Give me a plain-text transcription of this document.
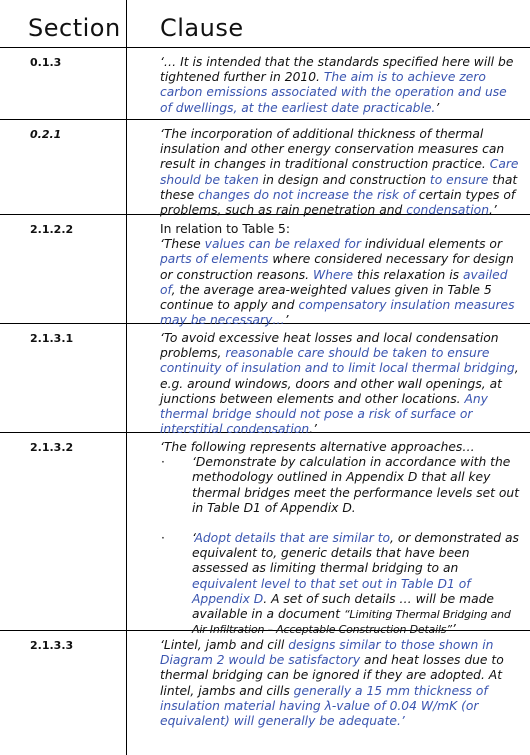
Section Clause
0.1.3	‘… It is intended that the standards specified here will be tightened further in 2010. The aim is to achieve zero carbon emissions associated with the operation and use of dwellings, at the earliest date practicable.’
0.2.1	‘The incorporation of additional thickness of thermal insulation and other energy conservation measures can result in changes in traditional construction practice. Care should be taken in design and construction to ensure that these changes do not increase the risk of certain types of problems, such as rain penetration and condensation.’
2.1.2.2	In relation to Table 5:
‘These values can be relaxed for individual elements or parts of elements where considered necessary for design or construction reasons. Where this relaxation is availed of, the average area-weighted values given in Table 5 continue to apply and compensatory insulation measures may be necessary…’
2.1.3.1	‘To avoid excessive heat losses and local condensation problems, reasonable care should be taken to ensure continuity of insulation and to limit local thermal bridging, e.g. around windows, doors and other wall openings, at junctions between elements and other locations. Any thermal bridge should not pose a risk of surface or interstitial condensation.’
2.1.3.2	‘The following represents alternative approaches…
· ‘Demonstrate by calculation in accordance with the methodology outlined in Appendix D that all key thermal bridges meet the performance levels set out in Table D1 of Appendix D.
· ‘Adopt details that are similar to, or demonstrated as equivalent to, generic details that have been assessed as limiting thermal bridging to an equivalent level to that set out in Table D1 of Appendix D. A set of such details … will be made available in a document “Limiting Thermal Bridging and Air Infiltration – Acceptable Construction Details”’
2.1.3.3	‘Lintel, jamb and cill designs similar to those shown in Diagram 2 would be satisfactory and heat losses due to thermal bridging can be ignored if they are adopted. At lintel, jambs and cills generally a 15 mm thickness of insulation material having λ-value of 0.04 W/mK (or equivalent) will generally be adequate.’
